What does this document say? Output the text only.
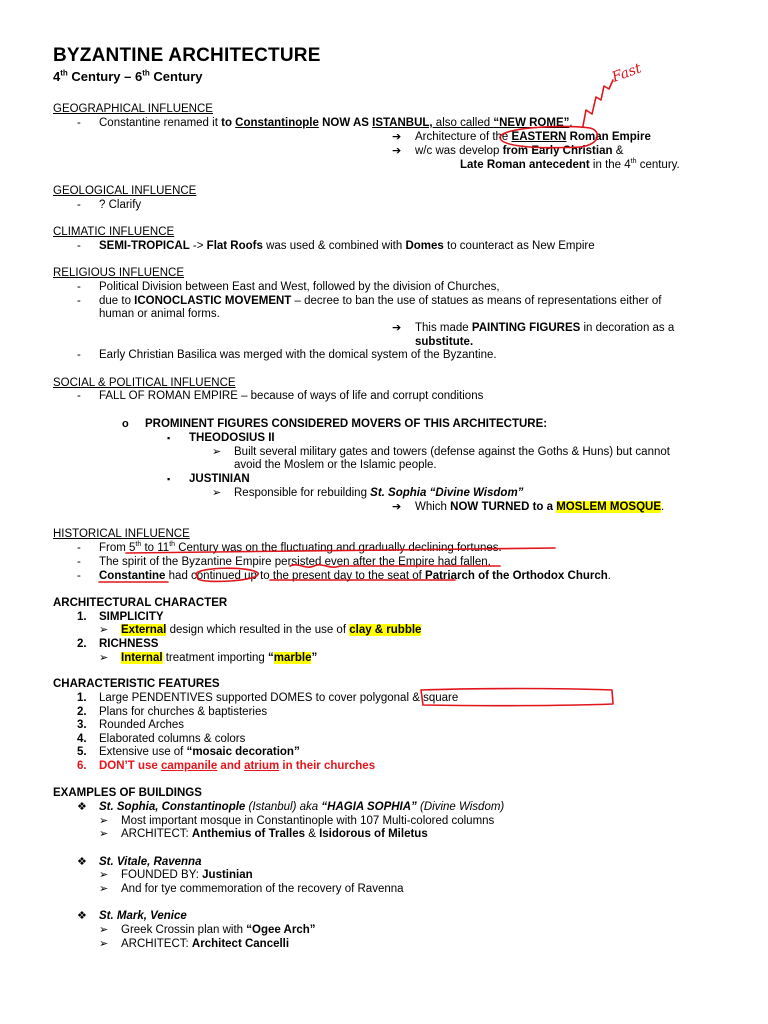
BYZANTINE ARCHITECTURE
4th Century – 6th Century
GEOGRAPHICAL INFLUENCE
- Constantine renamed it to Constantinople NOW AS ISTANBUL, also called “NEW ROME”.
➔ Architecture of the EASTERN Roman Empire
➔ w/c was develop from Early Christian &
Late Roman antecedent in the 4th century.
GEOLOGICAL INFLUENCE
- ? Clarify
CLIMATIC INFLUENCE
- SEMI-TROPICAL -> Flat Roofs was used & combined with Domes to counteract as New Empire
RELIGIOUS INFLUENCE
- Political Division between East and West, followed by the division of Churches,
- due to ICONOCLASTIC MOVEMENT – decree to ban the use of statues as means of representations either of
human or animal forms.
➔ This made PAINTING FIGURES in decoration as a
substitute.
- Early Christian Basilica was merged with the domical system of the Byzantine.
SOCIAL & POLITICAL INFLUENCE
- FALL OF ROMAN EMPIRE – because of ways of life and corrupt conditions
o PROMINENT FIGURES CONSIDERED MOVERS OF THIS ARCHITECTURE:
▪ THEODOSIUS II
➢ Built several military gates and towers (defense against the Goths & Huns) but cannot
avoid the Moslem or the Islamic people.
▪ JUSTINIAN
➢ Responsible for rebuilding St. Sophia “Divine Wisdom”
➔ Which NOW TURNED to a MOSLEM MOSQUE.
HISTORICAL INFLUENCE
- From 5th to 11th Century was on the fluctuating and gradually declining fortunes.
- The spirit of the Byzantine Empire persisted even after the Empire had fallen,
- Constantine had continued up to the present day to the seat of Patriarch of the Orthodox Church.
ARCHITECTURAL CHARACTER
1. SIMPLICITY
➢ External design which resulted in the use of clay & rubble
2. RICHNESS
➢ Internal treatment importing “marble”
CHARACTERISTIC FEATURES
1. Large PENDENTIVES supported DOMES to cover polygonal & square
2. Plans for churches & baptisteries
3. Rounded Arches
4. Elaborated columns & colors
5. Extensive use of “mosaic decoration”
6. DON’T use campanile and atrium in their churches
EXAMPLES OF BUILDINGS
❖ St. Sophia, Constantinople (Istanbul) aka “HAGIA SOPHIA” (Divine Wisdom)
➢ Most important mosque in Constantinople with 107 Multi-colored columns
➢ ARCHITECT: Anthemius of Tralles & Isidorous of Miletus
❖ St. Vitale, Ravenna
➢ FOUNDED BY: Justinian
➢ And for tye commemoration of the recovery of Ravenna
❖ St. Mark, Venice
➢ Greek Crossin plan with “Ogee Arch”
➢ ARCHITECT: Architect Cancelli
Fast
